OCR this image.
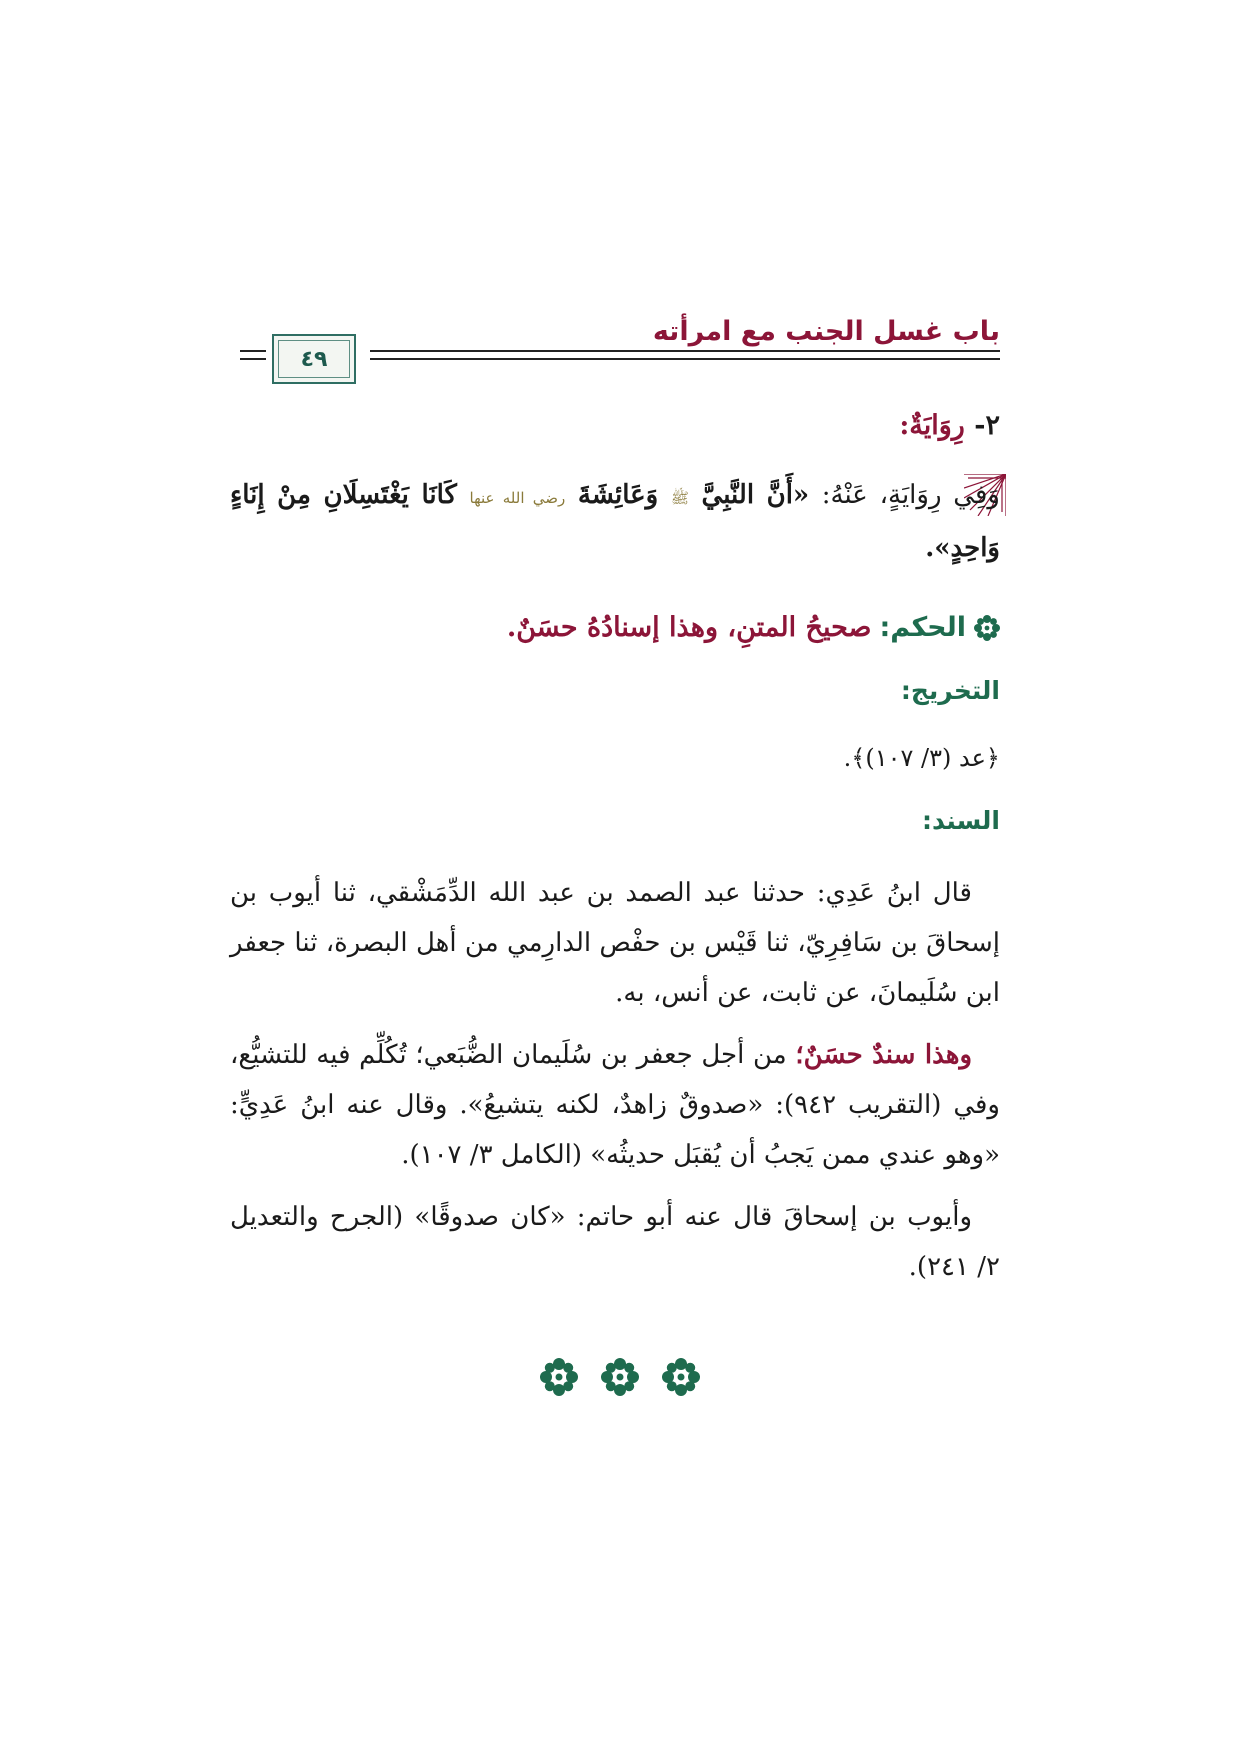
باب غسل الجنب مع امرأته
٤٩
٢- رِوَايَةٌ:
وَفِي رِوَايَةٍ، عَنْهُ: «أَنَّ النَّبِيَّ ﷺ وَعَائِشَةَ رضي الله عنها كَانَا يَغْتَسِلَانِ مِنْ إِنَاءٍ وَاحِدٍ».
الحكم:
صحيحُ المتنِ، وهذا إسنادُهُ حسَنٌ.
التخريج:
﴿عد (٣/ ١٠٧)﴾.
السند:
قال ابنُ عَدِي: حدثنا عبد الصمد بن عبد الله الدِّمَشْقي، ثنا أيوب بن إسحاقَ بن سَافِرِيّ، ثنا قَيْس بن حفْص الدارِمي من أهل البصرة، ثنا جعفر ابن سُلَيمانَ، عن ثابت، عن أنس، به.
وهذا سندٌ حسَنٌ؛ من أجل جعفر بن سُلَيمان الضُّبَعي؛ تُكُلِّم فيه للتشيُّع، وفي (التقريب ٩٤٢): «صدوقٌ زاهدٌ، لكنه يتشيعُ». وقال عنه ابنُ عَدِيٍّ: «وهو عندي ممن يَجبُ أن يُقبَل حديثُه» (الكامل ٣/ ١٠٧).
وأيوب بن إسحاقَ قال عنه أبو حاتم: «كان صدوقًا» (الجرح والتعديل ٢/ ٢٤١).
